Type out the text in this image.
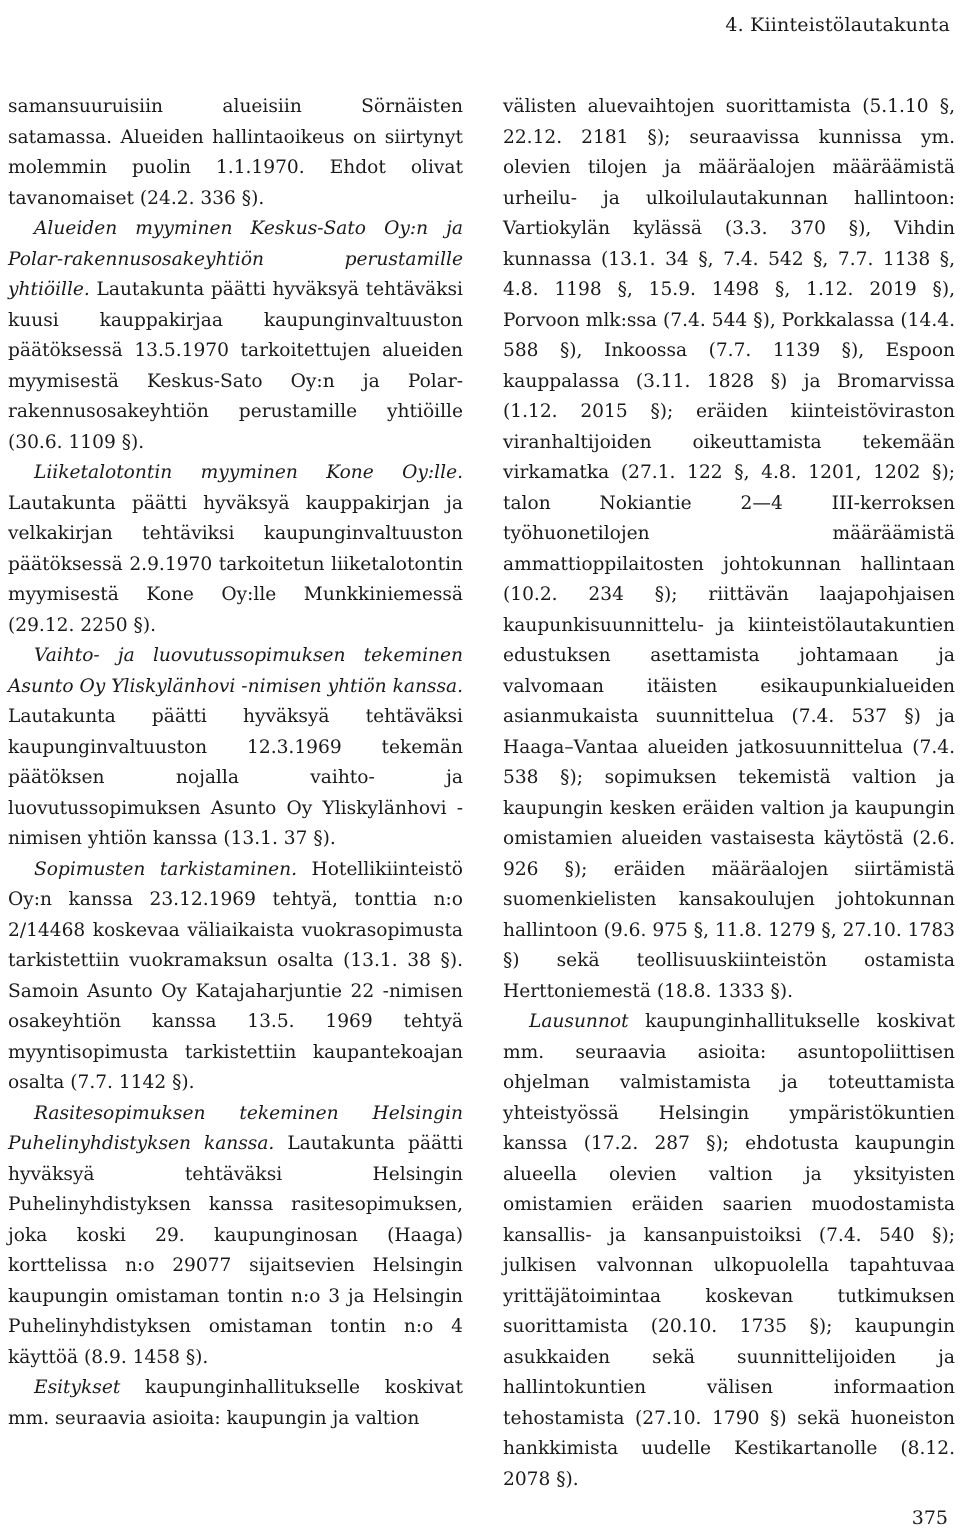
4. Kiinteistölautakunta

samansuuruisiin alueisiin Sörnäisten satamassa. Alueiden hallintaoikeus on siirtynyt molemmin puolin 1.1.1970. Ehdot olivat tavanomaiset (24.2. 336 §).

Alueiden myyminen Keskus-Sato Oy:n ja Polar-rakennusosakeyhtiön perustamille yhtiöille. Lautakunta päätti hyväksyä tehtäväksi kuusi kauppakirjaa kaupunginvaltuuston päätöksessä 13.5.1970 tarkoitettujen alueiden myymisestä Keskus-Sato Oy:n ja Polar-rakennusosakeyhtiön perustamille yhtiöille (30.6. 1109 §).

Liiketalotontin myyminen Kone Oy:lle. Lautakunta päätti hyväksyä kauppakirjan ja velkakirjan tehtäviksi kaupunginvaltuuston päätöksessä 2.9.1970 tarkoitetun liiketalotontin myymisestä Kone Oy:lle Munkkiniemessä (29.12. 2250 §).

Vaihto- ja luovutussopimuksen tekeminen Asunto Oy Yliskylänhovi -nimisen yhtiön kanssa. Lautakunta päätti hyväksyä tehtäväksi kaupunginvaltuuston 12.3.1969 tekemän päätöksen nojalla vaihto- ja luovutussopimuksen Asunto Oy Yliskylänhovi -nimisen yhtiön kanssa (13.1. 37 §).

Sopimusten tarkistaminen. Hotellikiinteistö Oy:n kanssa 23.12.1969 tehtyä, tonttia n:o 2/14468 koskevaa väliaikaista vuokrasopimusta tarkistettiin vuokramaksun osalta (13.1. 38 §). Samoin Asunto Oy Katajaharjuntie 22 -nimisen osakeyhtiön kanssa 13.5. 1969 tehtyä myyntisopimusta tarkistettiin kaupantekoajan osalta (7.7. 1142 §).

Rasitesopimuksen tekeminen Helsingin Puhelinyhdistyksen kanssa. Lautakunta päätti hyväksyä tehtäväksi Helsingin Puhelinyhdistyksen kanssa rasitesopimuksen, joka koski 29. kaupunginosan (Haaga) korttelissa n:o 29077 sijaitsevien Helsingin kaupungin omistaman tontin n:o 3 ja Helsingin Puhelinyhdistyksen omistaman tontin n:o 4 käyttöä (8.9. 1458 §).

Esitykset kaupunginhallitukselle koskivat mm. seuraavia asioita: kaupungin ja valtion

välisten aluevaihtojen suorittamista (5.1.10 §, 22.12. 2181 §); seuraavissa kunnissa ym. olevien tilojen ja määräalojen määräämistä urheilu- ja ulkoilulautakunnan hallintoon: Vartiokylän kylässä (3.3. 370 §), Vihdin kunnassa (13.1. 34 §, 7.4. 542 §, 7.7. 1138 §, 4.8. 1198 §, 15.9. 1498 §, 1.12. 2019 §), Porvoon mlk:ssa (7.4. 544 §), Porkkalassa (14.4. 588 §), Inkoossa (7.7. 1139 §), Espoon kauppalassa (3.11. 1828 §) ja Bromarvissa (1.12. 2015 §); eräiden kiinteistöviraston viranhaltijoiden oikeuttamista tekemään virkamatka (27.1. 122 §, 4.8. 1201, 1202 §); talon Nokiantie 2—4 III-kerroksen työhuonetilojen määräämistä ammattioppilaitosten johtokunnan hallintaan (10.2. 234 §); riittävän laajapohjaisen kaupunkisuunnittelu- ja kiinteistölautakuntien edustuksen asettamista johtamaan ja valvomaan itäisten esikaupunkialueiden asianmukaista suunnittelua (7.4. 537 §) ja Haaga–Vantaa alueiden jatkosuunnittelua (7.4. 538 §); sopimuksen tekemistä valtion ja kaupungin kesken eräiden valtion ja kaupungin omistamien alueiden vastaisesta käytöstä (2.6. 926 §); eräiden määräalojen siirtämistä suomenkielisten kansakoulujen johtokunnan hallintoon (9.6. 975 §, 11.8. 1279 §, 27.10. 1783 §) sekä teollisuuskiinteistön ostamista Herttoniemestä (18.8. 1333 §).

Lausunnot kaupunginhallitukselle koskivat mm. seuraavia asioita: asuntopoliittisen ohjelman valmistamista ja toteuttamista yhteistyössä Helsingin ympäristökuntien kanssa (17.2. 287 §); ehdotusta kaupungin alueella olevien valtion ja yksityisten omistamien eräiden saarien muodostamista kansallis- ja kansanpuistoiksi (7.4. 540 §); julkisen valvonnan ulkopuolella tapahtuvaa yrittäjätoimintaa koskevan tutkimuksen suorittamista (20.10. 1735 §); kaupungin asukkaiden sekä suunnittelijoiden ja hallintokuntien välisen informaation tehostamista (27.10. 1790 §) sekä huoneiston hankkimista uudelle Kestikartanolle (8.12. 2078 §).

375
